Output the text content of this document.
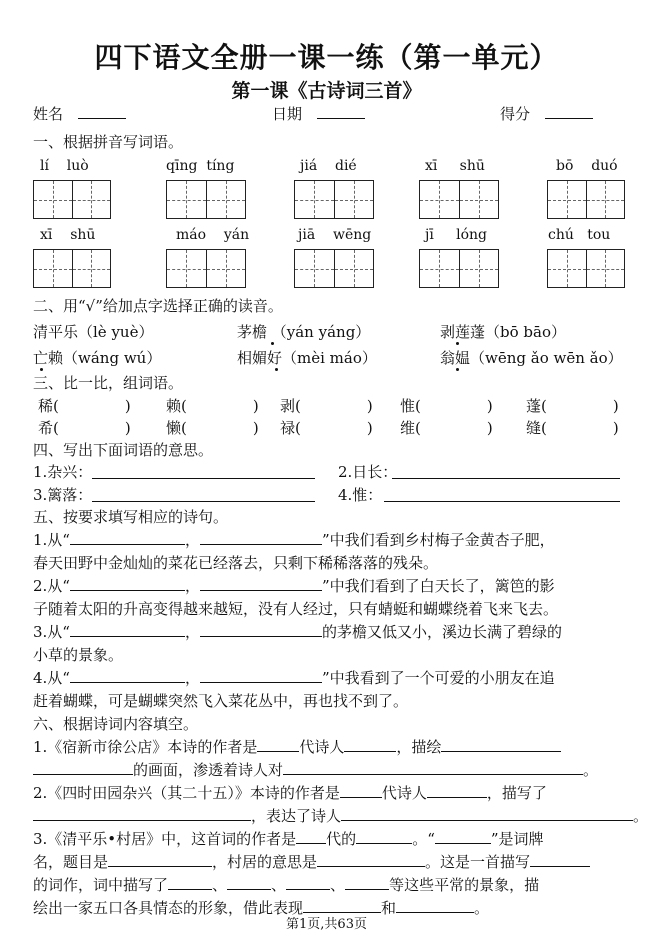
四下语文全册一课一练（第一单元）
第一课《古诗词三首》
姓名	日期	得分
一、根据拼音写词语。
lí luò	qīng tíng	jiá dié	xī shū	bō duó
xī shū	máo yán	jiā wēng	jī lóng	chú tou
二、用“√”给加点字选择正确的读音。
清平乐（lè yuè）	茅檐 （yán yáng）	剥莲蓬（bō bāo）
亡赖（wáng wú）	相媚好（mèi máo）	翁媪（wēng ǎo wēn ǎo）
三、比一比，组词语。
稀(	) 赖(	) 剥(	) 惟(	) 蓬(	)
希(	) 懒(	) 禄(	) 维(	) 缝(	)
四、写出下面词语的意思。
1.杂兴：	2.日长：
3.篱落：	4.惟：
五、按要求填写相应的诗句。
1.从“	，	”中我们看到乡村梅子金黄杏子肥，
春天田野中金灿灿的菜花已经落去，只剩下稀稀落落的残朵。
2.从“	，	”中我们看到了白天长了，篱笆的影
子随着太阳的升高变得越来越短，没有人经过，只有蜻蜓和蝴蝶绕着飞来飞去。
3.从“	，	的茅檐又低又小，溪边长满了碧绿的
小草的景象。
4.从“	，	”中我看到了一个可爱的小朋友在追
赶着蝴蝶，可是蝴蝶突然飞入菜花丛中，再也找不到了。
六、根据诗词内容填空。
1.《宿新市徐公店》本诗的作者是	代诗人	，描绘
的画面，渗透着诗人对	。
2.《四时田园杂兴（其二十五）》本诗的作者是	代诗人	，描写了
，表达了诗人	。
3.《清平乐•村居》中，这首词的作者是 代的	。“	”是词牌
名，题目是	，村居的意思是	。这是一首描写
的词作，词中描写了	、	、	、	等这些平常的景象，描
绘出一家五口各具情态的形象，借此表现	和	。
第1页,共63页
